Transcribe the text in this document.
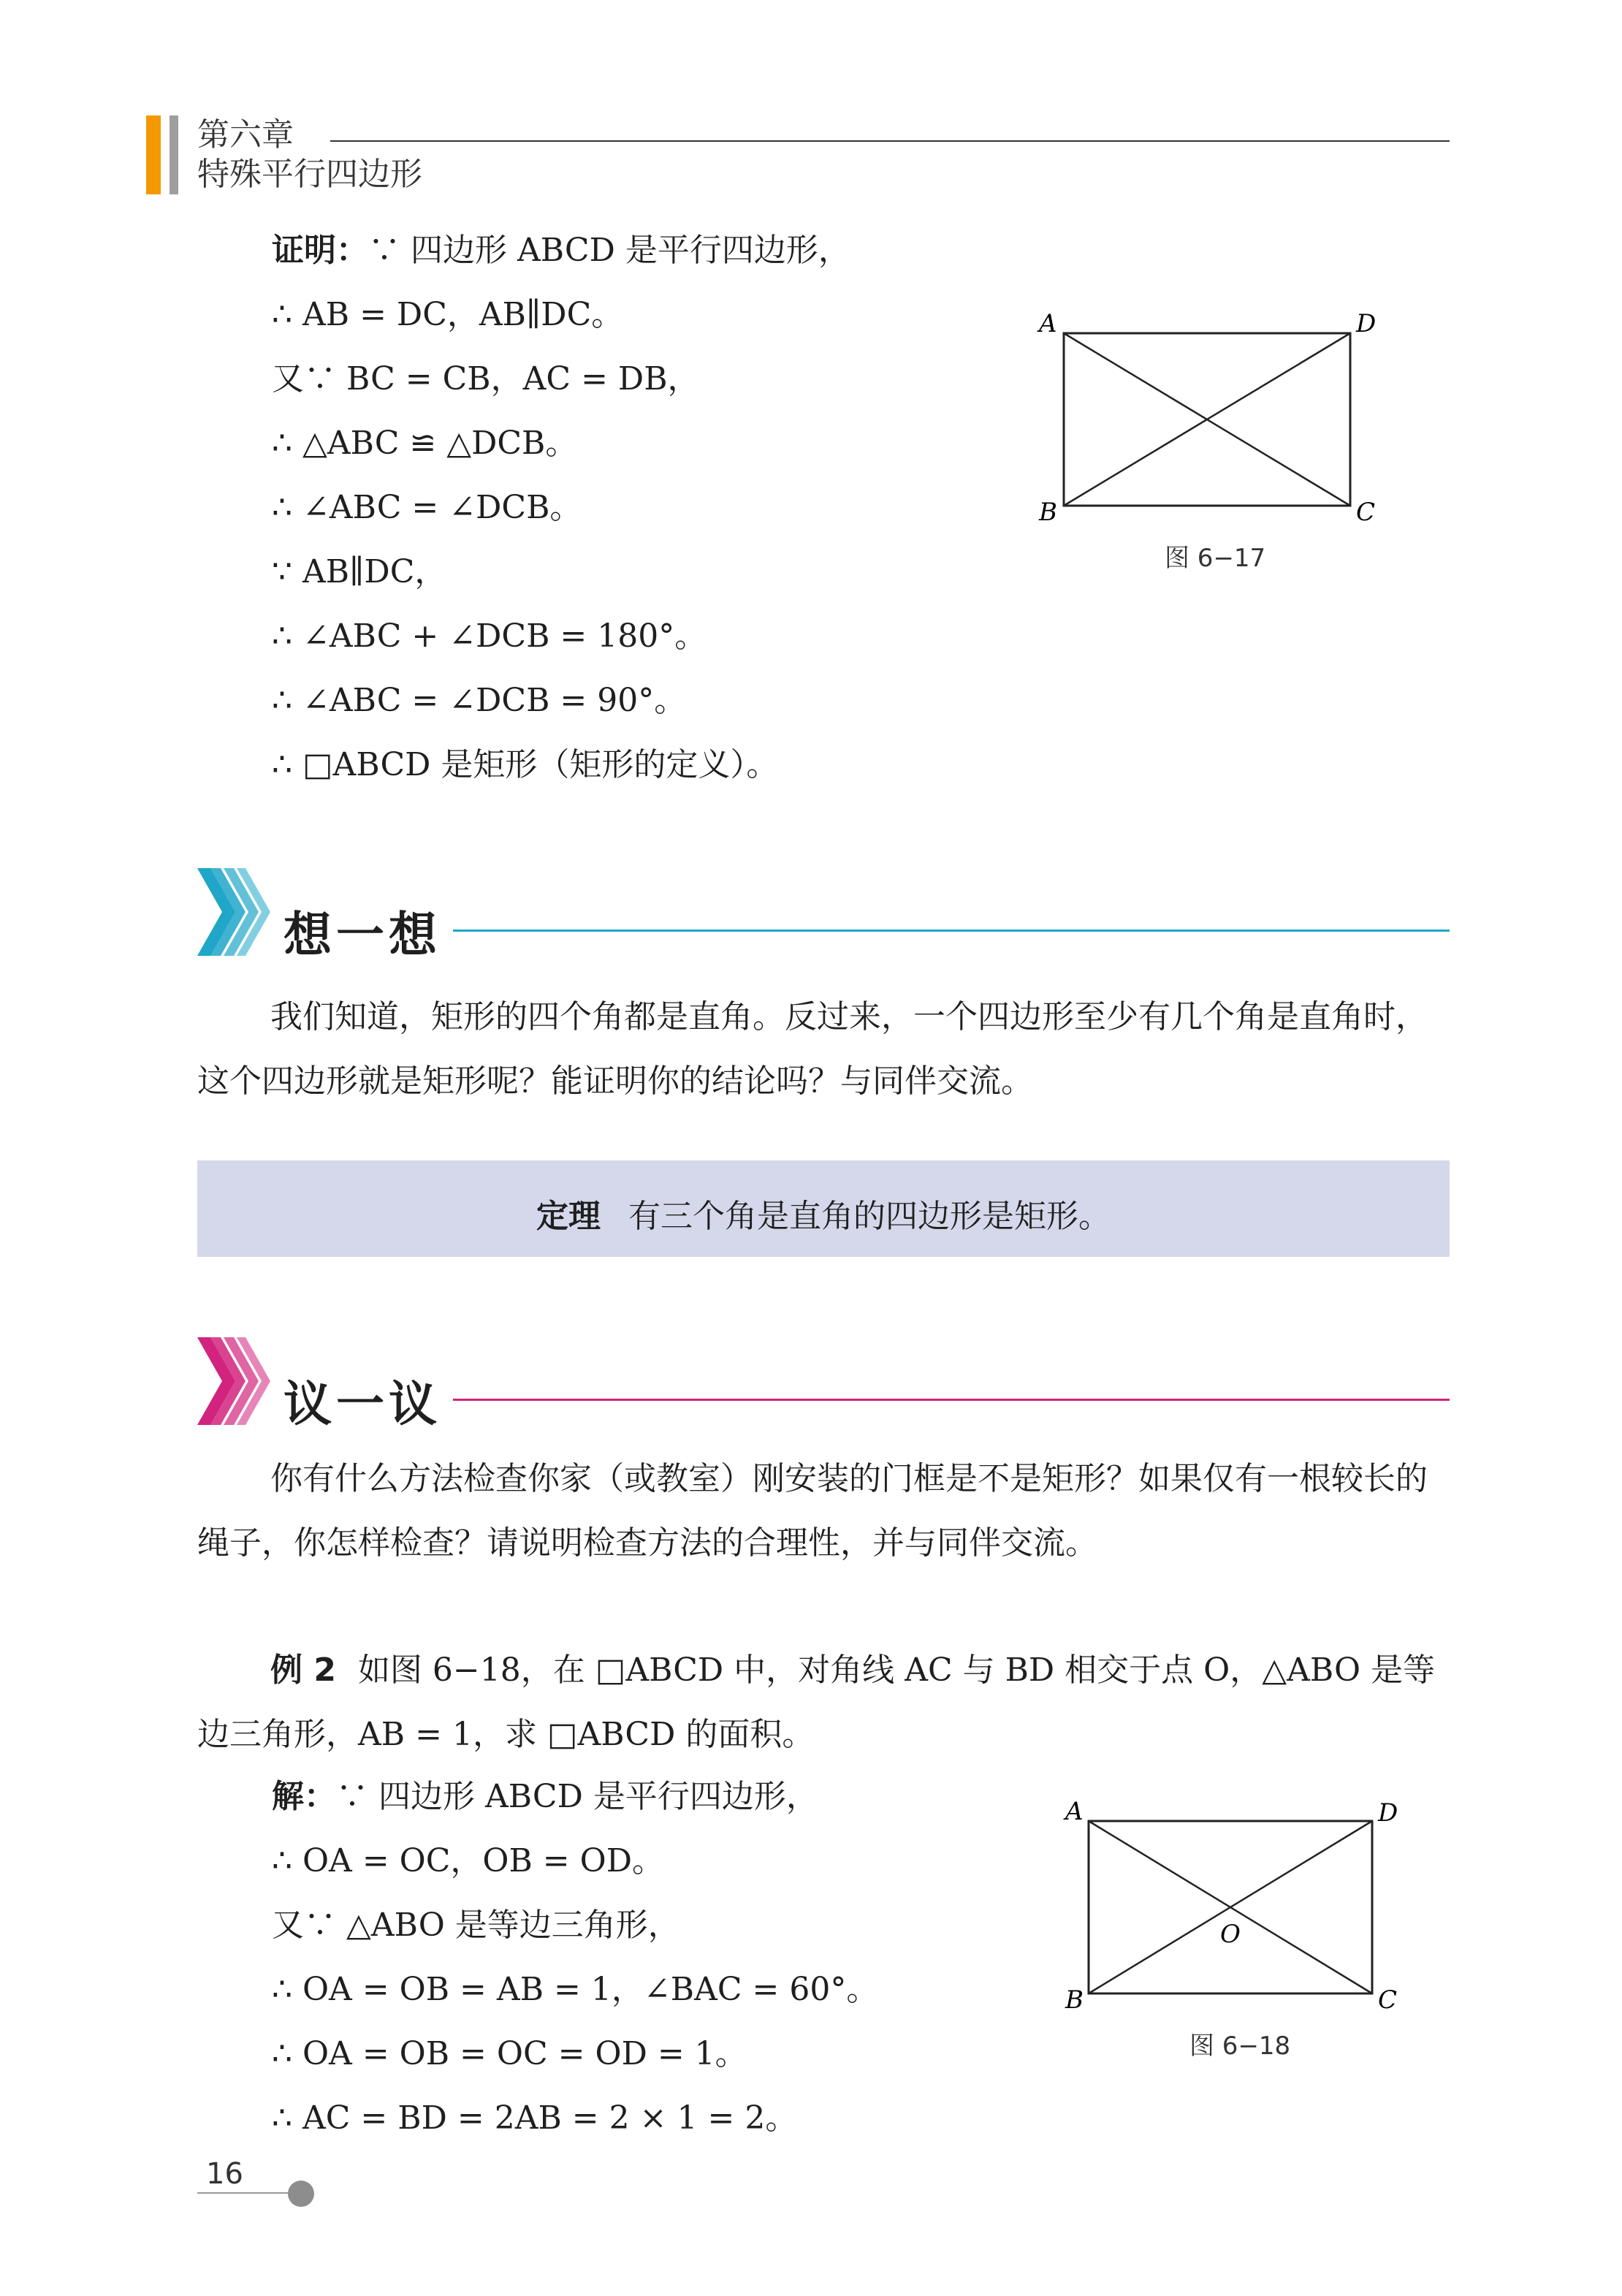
第六章
特殊平行四边形
证明：∵ 四边形 ABCD 是平行四边形，
∴ AB = DC，AB∥DC。
又∵ BC = CB，AC = DB，
∴ △ABC ≌ △DCB。
∴ ∠ABC = ∠DCB。
∵ AB∥DC，
∴ ∠ABC + ∠DCB = 180°。
∴ ∠ABC = ∠DCB = 90°。
∴ □ABCD 是矩形（矩形的定义）。
A	D
B	C
图 6−17
想一想
我们知道，矩形的四个角都是直角。反过来，一个四边形至少有几个角是直角时，这个四边形就是矩形呢？能证明你的结论吗？与同伴交流。
定理 有三个角是直角的四边形是矩形。
议一议
你有什么方法检查你家（或教室）刚安装的门框是不是矩形？如果仅有一根较长的绳子，你怎样检查？请说明检查方法的合理性，并与同伴交流。
例 2 如图 6−18，在 □ABCD 中，对角线 AC 与 BD 相交于点 O，△ABO 是等边三角形，AB = 1，求 □ABCD 的面积。
解：∵ 四边形 ABCD 是平行四边形，
∴ OA = OC，OB = OD。
又∵ △ABO 是等边三角形，
∴ OA = OB = AB = 1，∠BAC = 60°。
∴ OA = OB = OC = OD = 1。
∴ AC = BD = 2AB = 2 × 1 = 2。
A	D
B	C
O
图 6−18
16
